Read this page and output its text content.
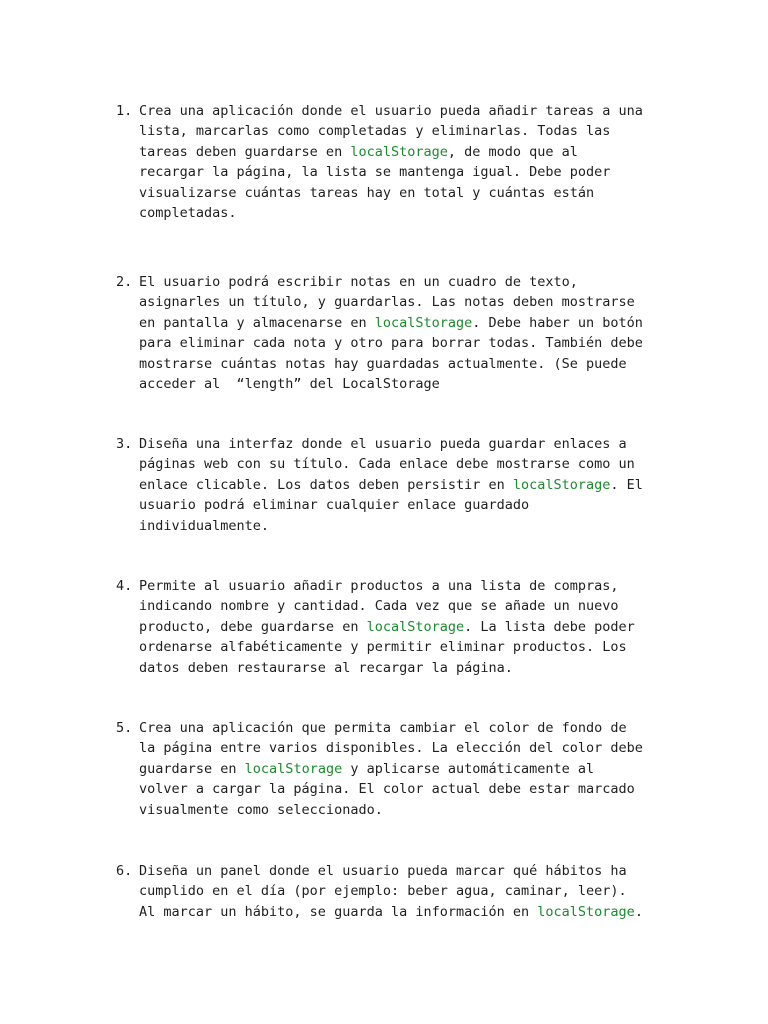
1. Crea una aplicación donde el usuario pueda añadir tareas a una
lista, marcarlas como completadas y eliminarlas. Todas las
tareas deben guardarse en localStorage, de modo que al
recargar la página, la lista se mantenga igual. Debe poder
visualizarse cuántas tareas hay en total y cuántas están
completadas.
2. El usuario podrá escribir notas en un cuadro de texto,
asignarles un título, y guardarlas. Las notas deben mostrarse
en pantalla y almacenarse en localStorage. Debe haber un botón
para eliminar cada nota y otro para borrar todas. También debe
mostrarse cuántas notas hay guardadas actualmente. (Se puede
acceder al  “length” del LocalStorage
3. Diseña una interfaz donde el usuario pueda guardar enlaces a
páginas web con su título. Cada enlace debe mostrarse como un
enlace clicable. Los datos deben persistir en localStorage. El
usuario podrá eliminar cualquier enlace guardado
individualmente.
4. Permite al usuario añadir productos a una lista de compras,
indicando nombre y cantidad. Cada vez que se añade un nuevo
producto, debe guardarse en localStorage. La lista debe poder
ordenarse alfabéticamente y permitir eliminar productos. Los
datos deben restaurarse al recargar la página.
5. Crea una aplicación que permita cambiar el color de fondo de
la página entre varios disponibles. La elección del color debe
guardarse en localStorage y aplicarse automáticamente al
volver a cargar la página. El color actual debe estar marcado
visualmente como seleccionado.
6. Diseña un panel donde el usuario pueda marcar qué hábitos ha
cumplido en el día (por ejemplo: beber agua, caminar, leer).
Al marcar un hábito, se guarda la información en localStorage.
